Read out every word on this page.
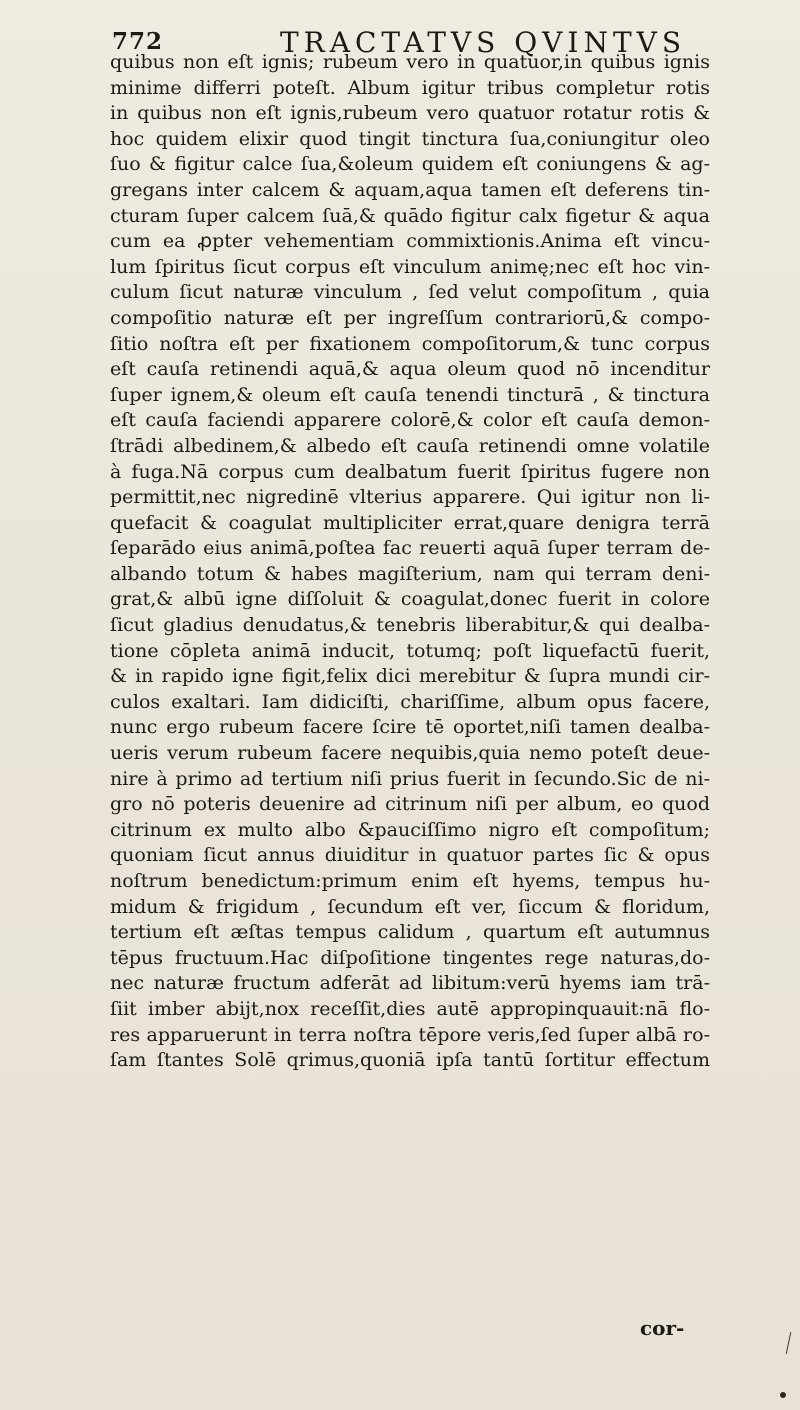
772	TRACTATVS QVINTVS
quibus non eſt ignis; rubeum vero in quatuor,in quibus ignis
minime differri poteſt. Album igitur tribus completur rotis
in quibus non eſt ignis,rubeum vero quatuor rotatur rotis &
hoc quidem elixir quod tingit tinctura ſua,coniungitur oleo
ſuo & figitur calce ſua,&oleum quidem eſt coniungens & ag-
gregans inter calcem & aquam,aqua tamen eſt deferens tin-
cturam ſuper calcem ſuā,& quādo figitur calx figetur & aqua
cum ea ꝓpter vehementiam commixtionis.Anima eſt vincu-
lum ſpiritus ſicut corpus eſt vinculum animę;nec eſt hoc vin-
culum ſicut naturæ vinculum , ſed velut compoſitum , quia
compoſitio naturæ eſt per ingreſſum contrariorū,& compo-
ſitio noſtra eſt per fixationem compoſitorum,& tunc corpus
eſt cauſa retinendi aquā,& aqua oleum quod nō incenditur
ſuper ignem,& oleum eſt cauſa tenendi tincturā , & tinctura
eſt cauſa faciendi apparere colorē,& color eſt cauſa demon-
ſtrādi albedinem,& albedo eſt cauſa retinendi omne volatile
à fuga.Nā corpus cum dealbatum fuerit ſpiritus fugere non
permittit,nec nigredinē vlterius apparere. Qui igitur non li-
quefacit & coagulat multipliciter errat,quare denigra terrā
ſeparādo eius animā,poſtea fac reuerti aquā ſuper terram de-
albando totum & habes magiſterium, nam qui terram deni-
grat,& albū igne diſſoluit & coagulat,donec fuerit in colore
ſicut gladius denudatus,& tenebris liberabitur,& qui dealba-
tione cōpleta animā inducit, totumq; poſt liquefactū fuerit,
& in rapido igne figit,felix dici merebitur & ſupra mundi cir-
culos exaltari. Iam didiciſti, chariſſime, album opus facere,
nunc ergo rubeum facere ſcire tē oportet,niſi tamen dealba-
ueris verum rubeum facere nequibis,quia nemo poteſt deue-
nire à primo ad tertium niſi prius fuerit in ſecundo.Sic de ni-
gro nō poteris deuenire ad citrinum niſi per album, eo quod
citrinum ex multo albo &pauciſſimo nigro eſt compoſitum;
quoniam ſicut annus diuiditur in quatuor partes ſic & opus
noſtrum benedictum:primum enim eſt hyems, tempus hu-
midum & frigidum , ſecundum eſt ver, ſiccum & floridum,
tertium eſt æſtas tempus calidum , quartum eſt autumnus
tēpus fructuum.Hac diſpoſitione tingentes rege naturas,do-
nec naturæ fructum adferāt ad libitum:verū hyems iam trā-
ſiit imber abijt,nox receſſit,dies autē appropinquauit:nā flo-
res apparuerunt in terra noſtra tēpore veris,ſed ſuper albā ro-
ſam ſtantes Solē qrimus,quoniā ipſa tantū ſortitur effectum
cor-
